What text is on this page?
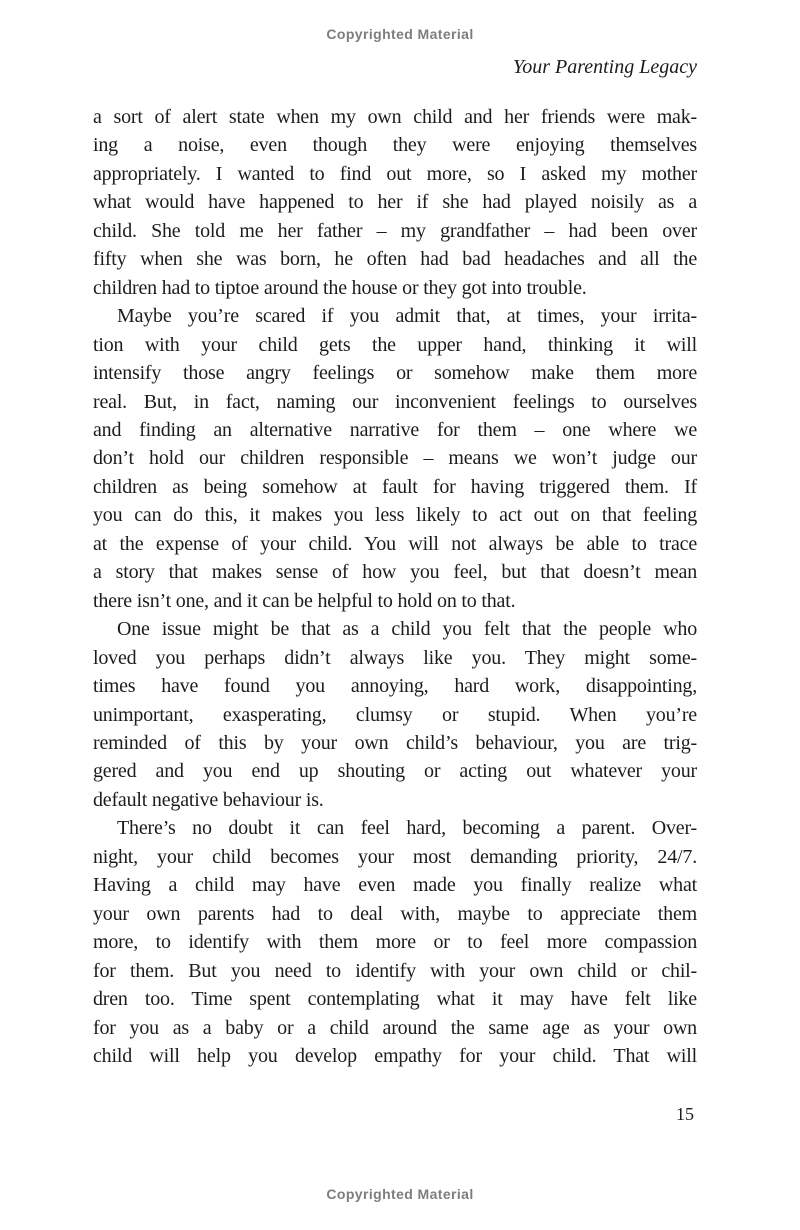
Copyrighted Material
Your Parenting Legacy
a sort of alert state when my own child and her friends were mak-
ing a noise, even though they were enjoying themselves
appropriately. I wanted to find out more, so I asked my mother
what would have happened to her if she had played noisily as a
child. She told me her father – my grandfather – had been over
fifty when she was born, he often had bad headaches and all the
children had to tiptoe around the house or they got into trouble.
Maybe you’re scared if you admit that, at times, your irrita-
tion with your child gets the upper hand, thinking it will
intensify those angry feelings or somehow make them more
real. But, in fact, naming our inconvenient feelings to ourselves
and finding an alternative narrative for them – one where we
don’t hold our children responsible – means we won’t judge our
children as being somehow at fault for having triggered them. If
you can do this, it makes you less likely to act out on that feeling
at the expense of your child. You will not always be able to trace
a story that makes sense of how you feel, but that doesn’t mean
there isn’t one, and it can be helpful to hold on to that.
One issue might be that as a child you felt that the people who
loved you perhaps didn’t always like you. They might some-
times have found you annoying, hard work, disappointing,
unimportant, exasperating, clumsy or stupid. When you’re
reminded of this by your own child’s behaviour, you are trig-
gered and you end up shouting or acting out whatever your
default negative behaviour is.
There’s no doubt it can feel hard, becoming a parent. Over-
night, your child becomes your most demanding priority, 24/7.
Having a child may have even made you finally realize what
your own parents had to deal with, maybe to appreciate them
more, to identify with them more or to feel more compassion
for them. But you need to identify with your own child or chil-
dren too. Time spent contemplating what it may have felt like
for you as a baby or a child around the same age as your own
child will help you develop empathy for your child. That will
15
Copyrighted Material
